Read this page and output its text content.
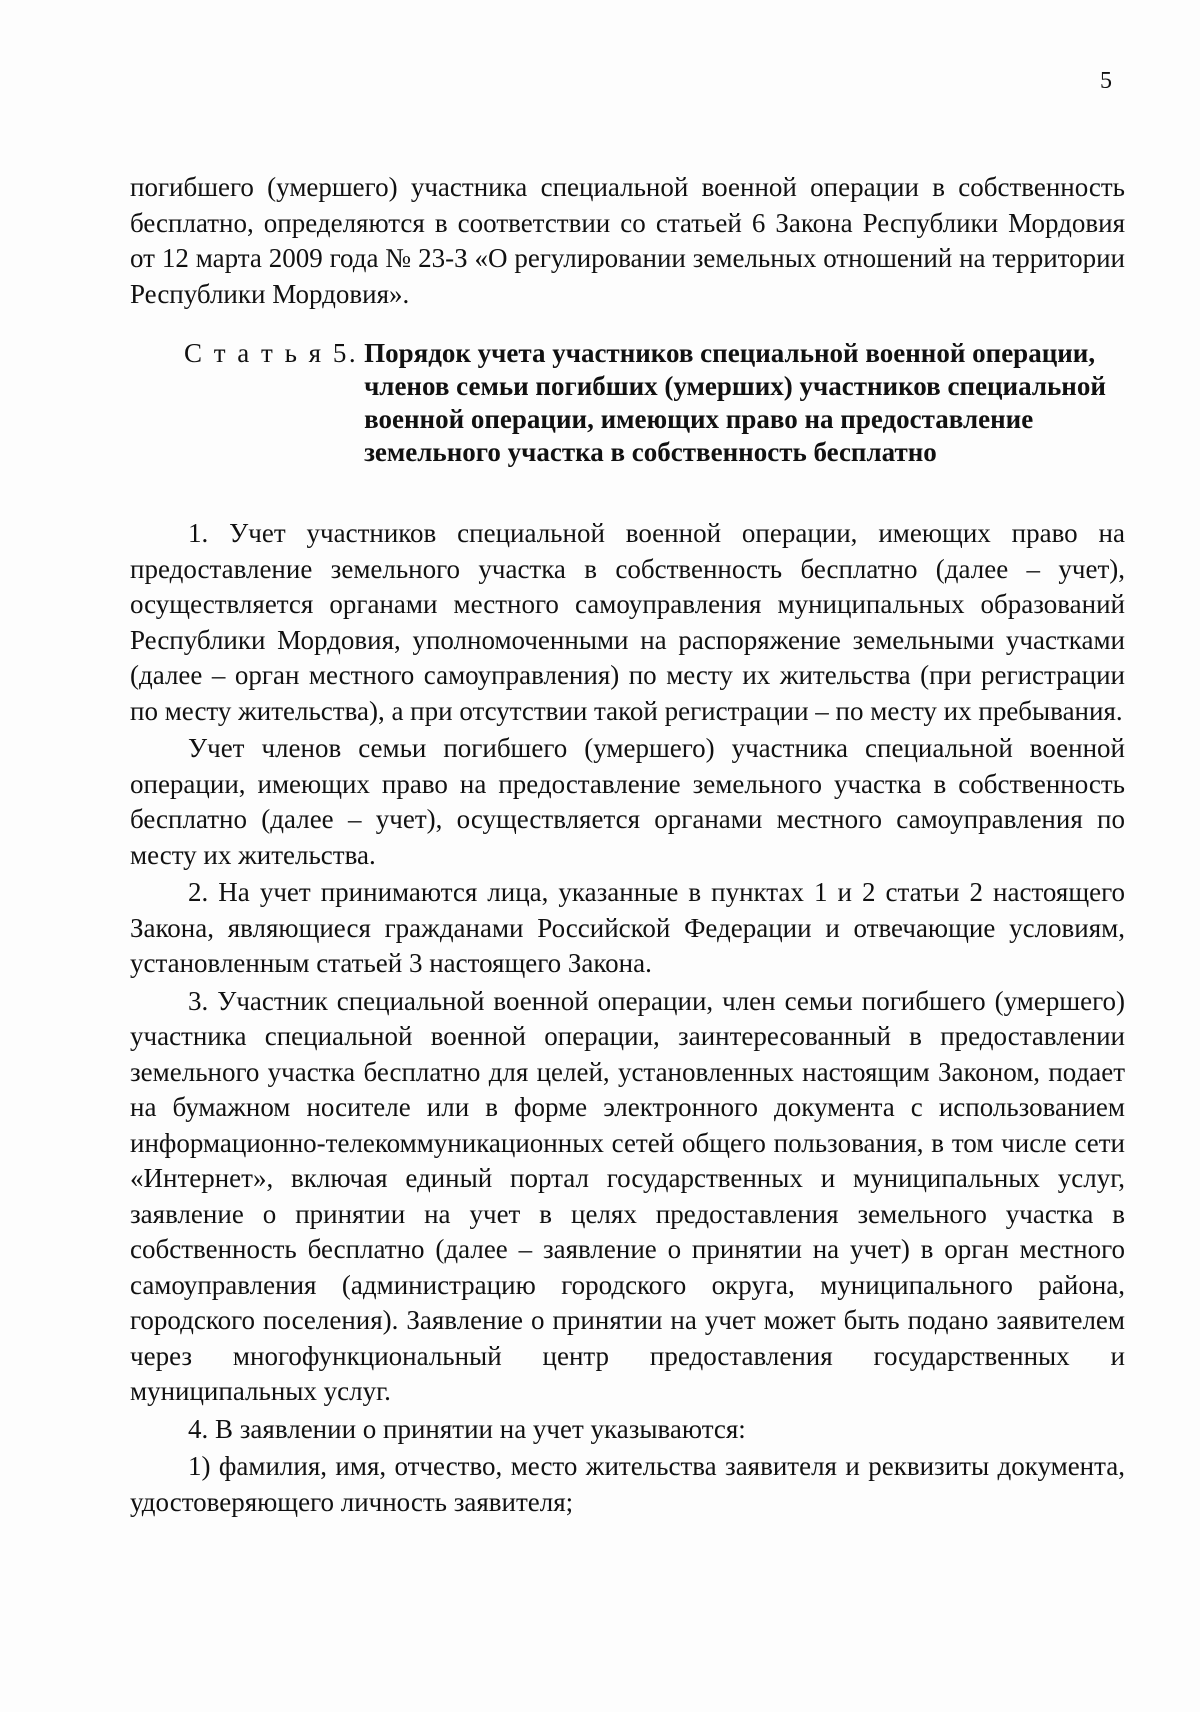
5

погибшего (умершего) участника специальной военной операции в собственность бесплатно, определяются в соответствии со статьей 6 Закона Республики Мордовия от 12 марта 2009 года № 23-З «О регулировании земельных отношений на территории Республики Мордовия».

С т а т ь я 5. Порядок учета участников специальной военной операции, членов семьи погибших (умерших) участников специальной военной операции, имеющих право на предоставление земельного участка в собственность бесплатно

1. Учет участников специальной военной операции, имеющих право на предоставление земельного участка в собственность бесплатно (далее – учет), осуществляется органами местного самоуправления муниципальных образований Республики Мордовия, уполномоченными на распоряжение земельными участками (далее – орган местного самоуправления) по месту их жительства (при регистрации по месту жительства), а при отсутствии такой регистрации – по месту их пребывания.

Учет членов семьи погибшего (умершего) участника специальной военной операции, имеющих право на предоставление земельного участка в собственность бесплатно (далее – учет), осуществляется органами местного самоуправления по месту их жительства.

2. На учет принимаются лица, указанные в пунктах 1 и 2 статьи 2 настоящего Закона, являющиеся гражданами Российской Федерации и отвечающие условиям, установленным статьей 3 настоящего Закона.

3. Участник специальной военной операции, член семьи погибшего (умершего) участника специальной военной операции, заинтересованный в предоставлении земельного участка бесплатно для целей, установленных настоящим Законом, подает на бумажном носителе или в форме электронного документа с использованием информационно-телекоммуникационных сетей общего пользования, в том числе сети «Интернет», включая единый портал государственных и муниципальных услуг, заявление о принятии на учет в целях предоставления земельного участка в собственность бесплатно (далее – заявление о принятии на учет) в орган местного самоуправления (администрацию городского округа, муниципального района, городского поселения). Заявление о принятии на учет может быть подано заявителем через многофункциональный центр предоставления государственных и муниципальных услуг.

4. В заявлении о принятии на учет указываются:

1) фамилия, имя, отчество, место жительства заявителя и реквизиты документа, удостоверяющего личность заявителя;
